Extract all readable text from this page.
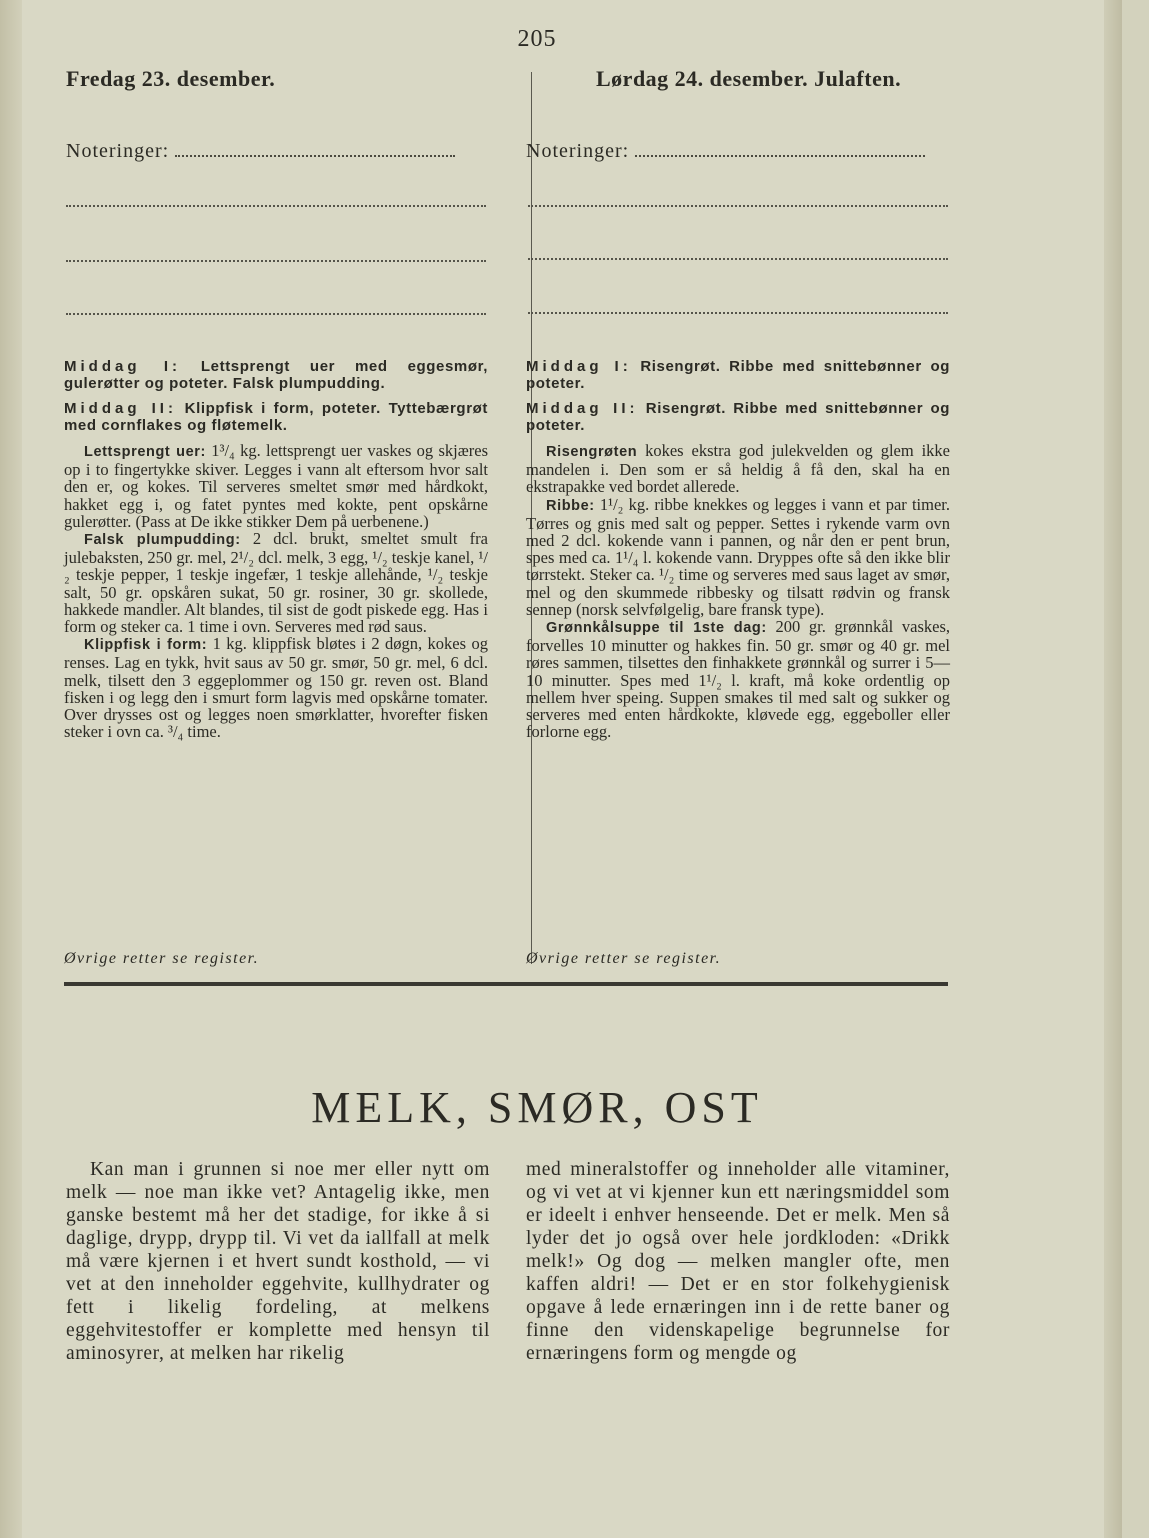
205
Fredag 23. desember.
Noteringer:

Middag I: Lettsprengt uer med eggesmør, gulerøtter og poteter. Falsk plumpudding.

Middag II: Klippfisk i form, poteter. Tyttebærgrøt med cornflakes og fløtemelk.

Lettsprengt uer: 1³/₄ kg. lettsprengt uer vaskes og skjæres op i to fingertykke skiver. Legges i vann alt eftersom hvor salt den er, og kokes. Til serveres smeltet smør med hårdkokt, hakket egg i, og fatet pyntes med kokte, pent opskårne gulerøtter. (Pass at De ikke stikker Dem på uerbenene.)

Falsk plumpudding: 2 dcl. brukt, smeltet smult fra julebaksten, 250 gr. mel, 2¹/₂ dcl. melk, 3 egg, ¹/₂ teskje kanel, ¹/₂ teskje pepper, 1 teskje ingefær, 1 teskje allehånde, ¹/₂ teskje salt, 50 gr. opskåren sukat, 50 gr. rosiner, 30 gr. skollede, hakkede mandler. Alt blandes, til sist de godt piskede egg. Has i form og steker ca. 1 time i ovn. Serveres med rød saus.

Klippfisk i form: 1 kg. klippfisk bløtes i 2 døgn, kokes og renses. Lag en tykk, hvit saus av 50 gr. smør, 50 gr. mel, 6 dcl. melk, tilsett den 3 eggeplommer og 150 gr. reven ost. Bland fisken i og legg den i smurt form lagvis med opskårne tomater. Over drysses ost og legges noen smørklatter, hvorefter fisken steker i ovn ca. ³/₄ time.

Øvrige retter se register.
Lørdag 24. desember. Julaften.
Noteringer:

Middag I: Risengrøt. Ribbe med snittebønner og poteter.

Middag II: Risengrøt. Ribbe med snittebønner og poteter.

Risengrøten kokes ekstra god julekvelden og glem ikke mandelen i. Den som er så heldig å få den, skal ha en ekstrapakke ved bordet allerede.

Ribbe: 1¹/₂ kg. ribbe knekkes og legges i vann et par timer. Tørres og gnis med salt og pepper. Settes i rykende varm ovn med 2 dcl. kokende vann i pannen, og når den er pent brun, spes med ca. 1¹/₄ l. kokende vann. Dryppes ofte så den ikke blir tørrstekt. Steker ca. ¹/₂ time og serveres med saus laget av smør, mel og den skummede ribbesky og tilsatt rødvin og fransk sennep (norsk selvfølgelig, bare fransk type).

Grønnkålsuppe til 1ste dag: 200 gr. grønnkål vaskes, forvelles 10 minutter og hakkes fin. 50 gr. smør og 40 gr. mel røres sammen, tilsettes den finhakkete grønnkål og surrer i 5—10 minutter. Spes med 1¹/₂ l. kraft, må koke ordentlig op mellem hver speing. Suppen smakes til med salt og sukker og serveres med enten hårdkokte, kløvede egg, eggeboller eller forlorne egg.

Øvrige retter se register.
MELK, SMØR, OST
Kan man i grunnen si noe mer eller nytt om melk — noe man ikke vet? Antagelig ikke, men ganske bestemt må her det stadige, for ikke å si daglige, drypp, drypp til. Vi vet da iallfall at melk må være kjernen i et hvert sundt kosthold, — vi vet at den inneholder eggehvite, kullhydrater og fett i likelig fordeling, at melkens eggehvitestoffer er komplette med hensyn til aminosyrer, at melken har rikelig
med mineralstoffer og inneholder alle vitaminer, og vi vet at vi kjenner kun ett næringsmiddel som er ideelt i enhver henseende. Det er melk. Men så lyder det jo også over hele jordkloden: «Drikk melk!» Og dog — melken mangler ofte, men kaffen aldri! — Det er en stor folkehygienisk opgave å lede ernæringen inn i de rette baner og finne den videnskapelige begrunnelse for ernæringens form og mengde og
